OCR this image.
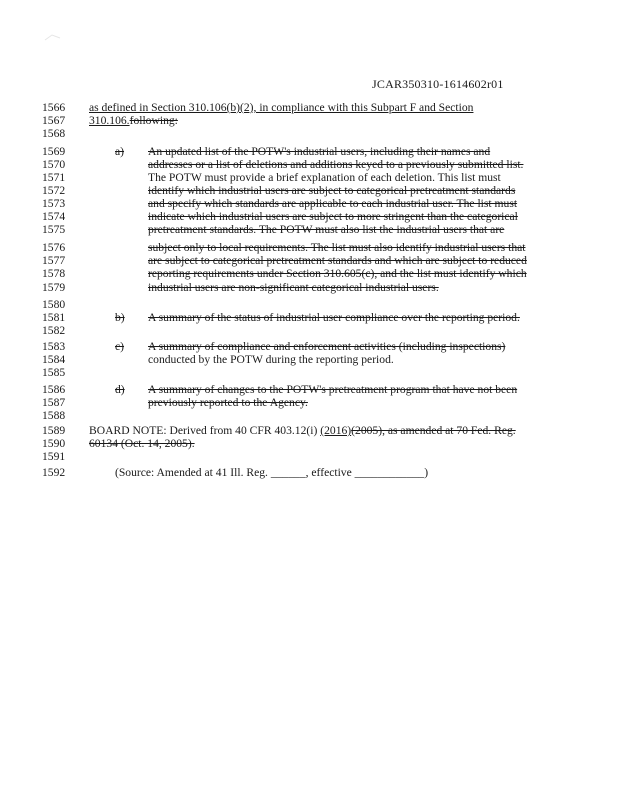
JCAR350310-1614602r01
1566
1567
1568
1569
1570
1571
1572
1573
1574
1575
1576
1577
1578
1579
1580
1581
1582
1583
1584
1585
1586
1587
1588
1589
1590
1591
1592
as defined in Section 310.106(b)(2), in compliance with this Subpart F and Section
310.106.following:
a) An updated list of the POTW's industrial users, including their names and
addresses or a list of deletions and additions keyed to a previously submitted list.
The POTW must provide a brief explanation of each deletion. This list must
identify which industrial users are subject to categorical pretreatment standards
and specify which standards are applicable to each industrial user. The list must
indicate which industrial users are subject to more stringent than the categorical
pretreatment standards. The POTW must also list the industrial users that are
subject only to local requirements. The list must also identify industrial users that
are subject to categorical pretreatment standards and which are subject to reduced
reporting requirements under Section 310.605(c), and the list must identify which
industrial users are non-significant categorical industrial users.
b) A summary of the status of industrial user compliance over the reporting period.
c) A summary of compliance and enforcement activities (including inspections)
conducted by the POTW during the reporting period.
d) A summary of changes to the POTW's pretreatment program that have not been
previously reported to the Agency.
BOARD NOTE: Derived from 40 CFR 403.12(i) (2016)(2005), as amended at 70 Fed. Reg.
60134 (Oct. 14, 2005).
(Source: Amended at 41 Ill. Reg. ______, effective ____________)
